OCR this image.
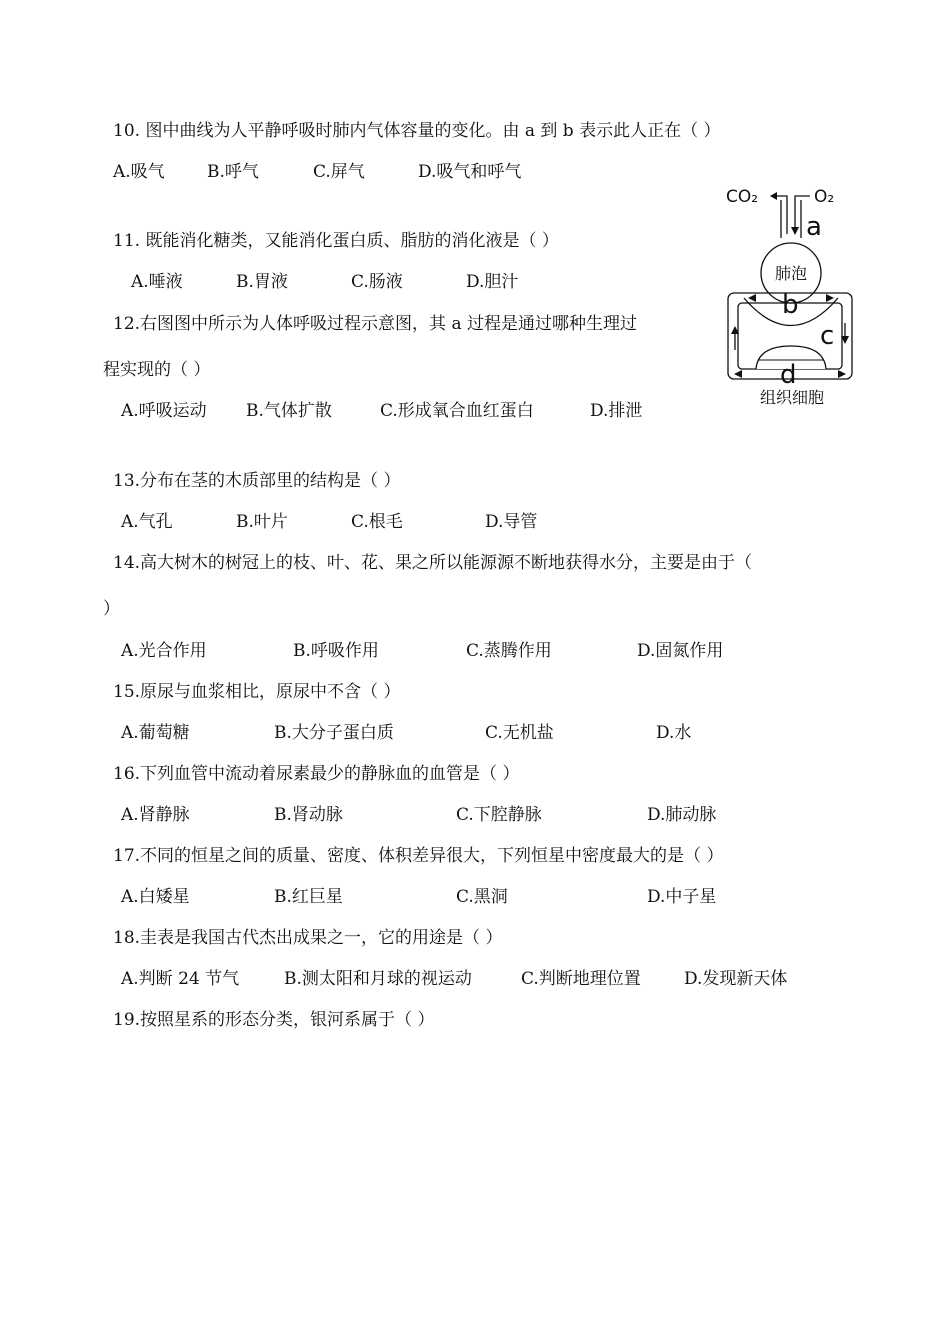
10. 图中曲线为人平静呼吸时肺内气体容量的变化。由 a 到 b 表示此人正在（ ）
A.吸气 B.呼气	C.屏气	D.吸气和呼气
11. 既能消化糖类，又能消化蛋白质、脂肪的消化液是（ ）
A.唾液	B.胃液	C.肠液	D.胆汁
12.右图图中所示为人体呼吸过程示意图，其 a 过程是通过哪种生理过
程实现的（ ）
A.呼吸运动 B.气体扩散	C.形成氧合血红蛋白	D.排泄
CO₂	O₂
a
肺泡
b
c
d
组织细胞
13.分布在茎的木质部里的结构是（ ）
A.气孔	B.叶片	C.根毛	D.导管
14.高大树木的树冠上的枝、叶、花、果之所以能源源不断地获得水分，主要是由于（
）
A.光合作用	B.呼吸作用	C.蒸腾作用	D.固氮作用
15.原尿与血浆相比，原尿中不含（ ）
A.葡萄糖	B.大分子蛋白质	C.无机盐	D.水
16.下列血管中流动着尿素最少的静脉血的血管是（ ）
A.肾静脉	B.肾动脉	C.下腔静脉	D.肺动脉
17.不同的恒星之间的质量、密度、体积差异很大，下列恒星中密度最大的是（ ）
A.白矮星	B.红巨星	C.黑洞	D.中子星
18.圭表是我国古代杰出成果之一，它的用途是（ ）
A.判断 24 节气	B.测太阳和月球的视运动	C.判断地理位置	D.发现新天体
19.按照星系的形态分类，银河系属于（ ）
